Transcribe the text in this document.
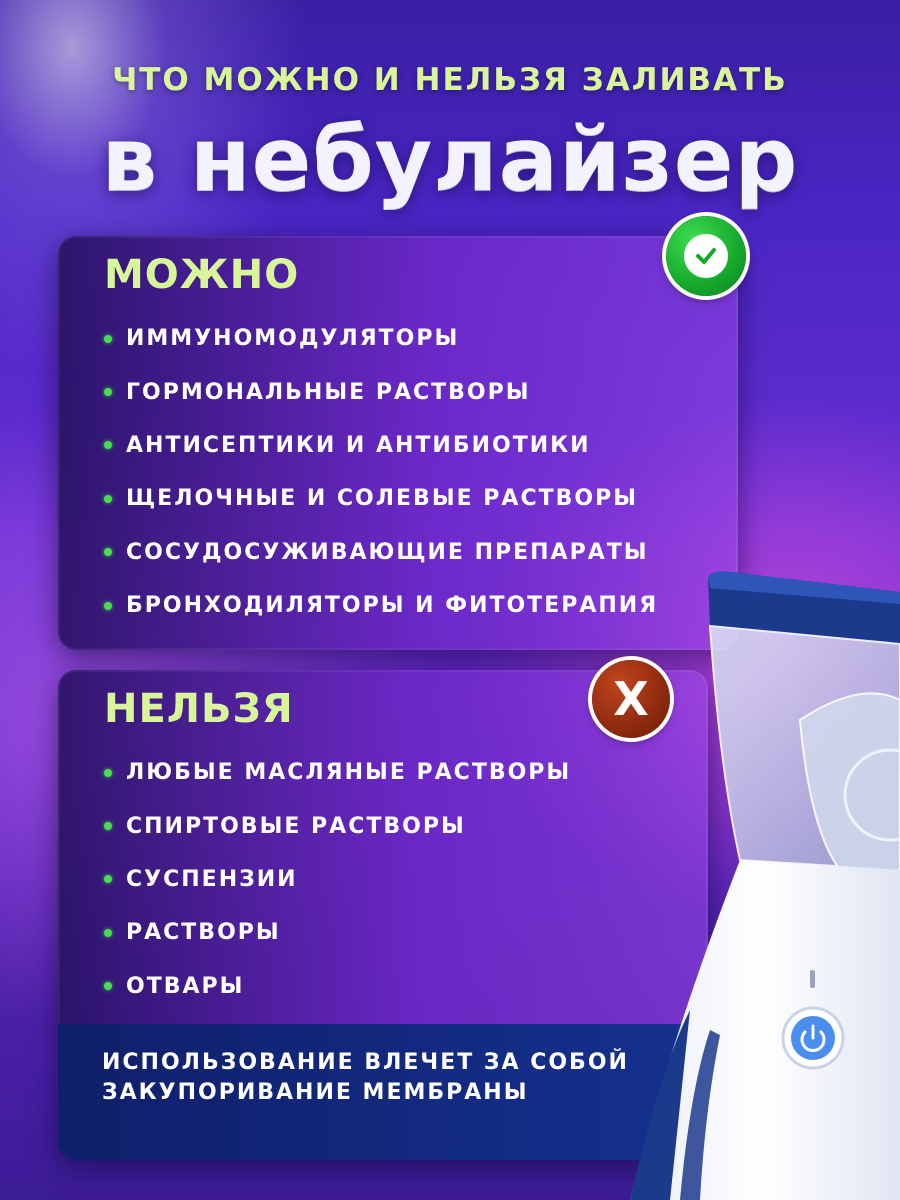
ЧТО МОЖНО И НЕЛЬЗЯ ЗАЛИВАТЬ
в небулайзер
МОЖНО
ИММУНОМОДУЛЯТОРЫ
ГОРМОНАЛЬНЫЕ РАСТВОРЫ
АНТИСЕПТИКИ И АНТИБИОТИКИ
ЩЕЛОЧНЫЕ И СОЛЕВЫЕ РАСТВОРЫ
СОСУДОСУЖИВАЮЩИЕ ПРЕПАРАТЫ
БРОНХОДИЛЯТОРЫ И ФИТОТЕРАПИЯ
НЕЛЬЗЯ
ЛЮБЫЕ МАСЛЯНЫЕ РАСТВОРЫ
СПИРТОВЫЕ РАСТВОРЫ
СУСПЕНЗИИ
РАСТВОРЫ
ОТВАРЫ
ИСПОЛЬЗОВАНИЕ ВЛЕЧЕТ ЗА СОБОЙ ЗАКУПОРИВАНИЕ МЕМБРАНЫ
X
